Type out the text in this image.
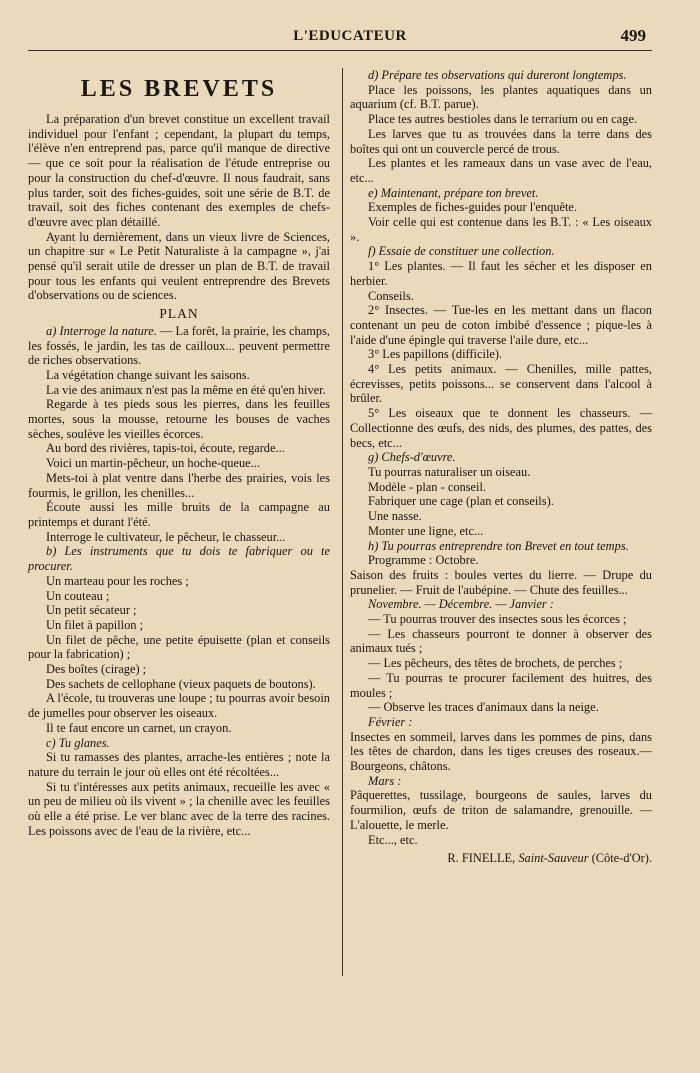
L'EDUCATEUR	499
LES BREVETS

La préparation d'un brevet constitue un excellent travail individuel pour l'enfant ; cependant, la plupart du temps, l'élève n'en entreprend pas, parce qu'il manque de directive — que ce soit pour la réalisation de l'étude entreprise ou pour la construction du chef-d'œuvre. Il nous faudrait, sans plus tarder, soit des fiches-guides, soit une série de B.T. de travail, soit des fiches contenant des exemples de chefs-d'œuvre avec plan détaillé.

Ayant lu dernièrement, dans un vieux livre de Sciences, un chapitre sur « Le Petit Naturaliste à la campagne », j'ai pensé qu'il serait utile de dresser un plan de B.T. de travail pour tous les enfants qui veulent entreprendre des Brevets d'observations ou de sciences.

PLAN

a) Interroge la nature. — La forêt, la prairie, les champs, les fossés, le jardin, les tas de cailloux... peuvent permettre de riches observations.

La végétation change suivant les saisons.

La vie des animaux n'est pas la même en été qu'en hiver.

Regarde à tes pieds sous les pierres, dans les feuilles mortes, sous la mousse, retourne les bouses de vaches sèches, soulève les vieilles écorces.

Au bord des rivières, tapis-toi, écoute, regarde...

Voici un martin-pêcheur, un hoche-queue...

Mets-toi à plat ventre dans l'herbe des prairies, vois les fourmis, le grillon, les chenilles...

Écoute aussi les mille bruits de la campagne au printemps et durant l'été.

Interroge le cultivateur, le pêcheur, le chasseur...

b) Les instruments que tu dois te fabriquer ou te procurer.

Un marteau pour les roches ;

Un couteau ;

Un petit sécateur ;

Un filet à papillon ;

Un filet de pêche, une petite épuisette (plan et conseils pour la fabrication) ;

Des boîtes (cirage) ;

Des sachets de cellophane (vieux paquets de boutons).

A l'école, tu trouveras une loupe ; tu pourras avoir besoin de jumelles pour observer les oiseaux.

Il te faut encore un carnet, un crayon.

c) Tu glanes.

Si tu ramasses des plantes, arrache-les entières ; note la nature du terrain le jour où elles ont été récoltées...

Si tu t'intéresses aux petits animaux, recueille les avec « un peu de milieu où ils vivent » ; la chenille avec les feuilles où elle a été prise. Le ver blanc avec de la terre des racines. Les poissons avec de l'eau de la rivière, etc...

d) Prépare tes observations qui dureront longtemps.

Place les poissons, les plantes aquatiques dans un aquarium (cf. B.T. parue).

Place tes autres bestioles dans le terrarium ou en cage.

Les larves que tu as trouvées dans la terre dans des boîtes qui ont un couvercle percé de trous.

Les plantes et les rameaux dans un vase avec de l'eau, etc...

e) Maintenant, prépare ton brevet.

Exemples de fiches-guides pour l'enquête.

Voir celle qui est contenue dans les B.T. : « Les oiseaux ».

f) Essaie de constituer une collection.

1° Les plantes. — Il faut les sécher et les disposer en herbier.

Conseils.

2° Insectes. — Tue-les en les mettant dans un flacon contenant un peu de coton imbibé d'essence ; pique-les à l'aide d'une épingle qui traverse l'aile dure, etc...

3° Les papillons (difficile).

4° Les petits animaux. — Chenilles, mille pattes, écrevisses, petits poissons... se conservent dans l'alcool à brûler.

5° Les oiseaux que te donnent les chasseurs. — Collectionne des œufs, des nids, des plumes, des pattes, des becs, etc...

g) Chefs-d'œuvre.

Tu pourras naturaliser un oiseau.

Modèle - plan - conseil.

Fabriquer une cage (plan et conseils).

Une nasse.

Monter une ligne, etc...

h) Tu pourras entreprendre ton Brevet en tout temps.

Programme : Octobre.

Saison des fruits : boules vertes du lierre. — Drupe du prunelier. — Fruit de l'aubépine. — Chute des feuilles...

Novembre. — Décembre. — Janvier :

— Tu pourras trouver des insectes sous les écorces ;

— Les chasseurs pourront te donner à observer des animaux tués ;

— Les pêcheurs, des têtes de brochets, de perches ;

— Tu pourras te procurer facilement des huitres, des moules ;

— Observe les traces d'animaux dans la neige.

Février :

Insectes en sommeil, larves dans les pommes de pins, dans les têtes de chardon, dans les tiges creuses des roseaux.— Bourgeons, châtons.

Mars :

Pâquerettes, tussilage, bourgeons de saules, larves du fourmilion, œufs de triton de salamandre, grenouille. — L'alouette, le merle.

Etc..., etc.

R. FINELLE, Saint-Sauveur (Côte-d'Or).
